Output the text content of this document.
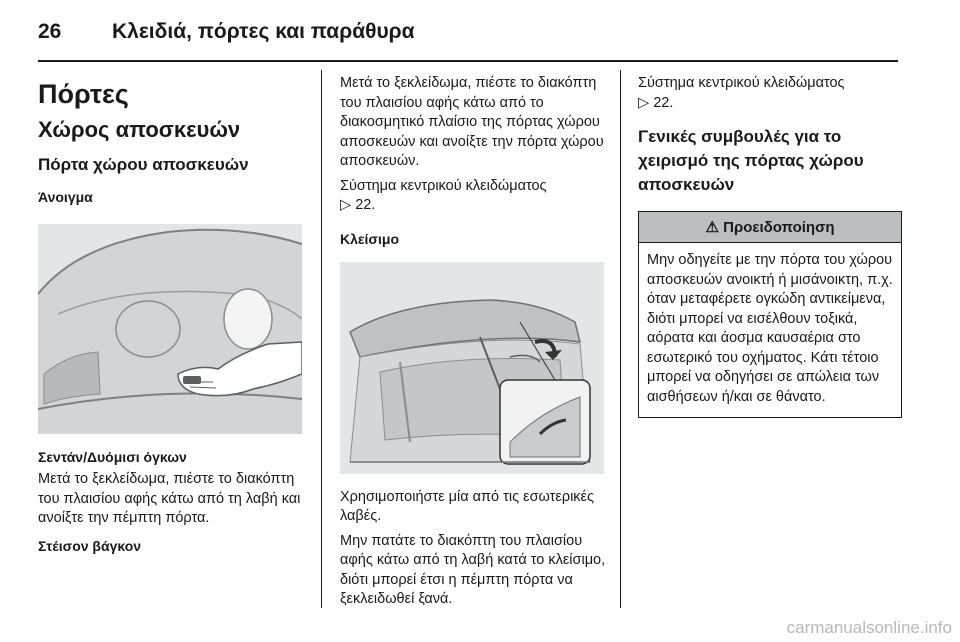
26 Κλειδιά, πόρτες και παράθυρα
Πόρτες
Χώρος αποσκευών
Πόρτα χώρου αποσκευών
Άνοιγμα
Σεντάν/Δυόμισι όγκων

Μετά το ξεκλείδωμα, πιέστε το διακόπτη του πλαισίου αφής κάτω από τη λαβή και ανοίξτε την πέμπτη πόρτα.

Στέισον βάγκον

Μετά το ξεκλείδωμα, πιέστε το διακόπτη του πλαισίου αφής κάτω από το διακοσμητικό πλαίσιο της πόρτας χώρου αποσκευών και ανοίξτε την πόρτα χώρου αποσκευών.

Σύστημα κεντρικού κλειδώματος
▷ 22.

Κλείσιμο

Χρησιμοποιήστε μία από τις εσωτερικές λαβές.

Μην πατάτε το διακόπτη του πλαισίου αφής κάτω από τη λαβή κατά το κλείσιμο, διότι μπορεί έτσι η πέμπτη πόρτα να ξεκλειδωθεί ξανά.

Σύστημα κεντρικού κλειδώματος
▷ 22.

Γενικές συμβουλές για το χειρισμό της πόρτας χώρου αποσκευών
⚠ Προειδοποίηση
Μην οδηγείτε με την πόρτα του χώρου αποσκευών ανοικτή ή μισάνοικτη, π.χ. όταν μεταφέρετε ογκώδη αντικείμενα, διότι μπορεί να εισέλθουν τοξικά, αόρατα και άοσμα καυσαέρια στο εσωτερικό του οχήματος. Κάτι τέτοιο μπορεί να οδηγήσει σε απώλεια των αισθήσεων ή/και σε θάνατο.
carmanualsonline.info
